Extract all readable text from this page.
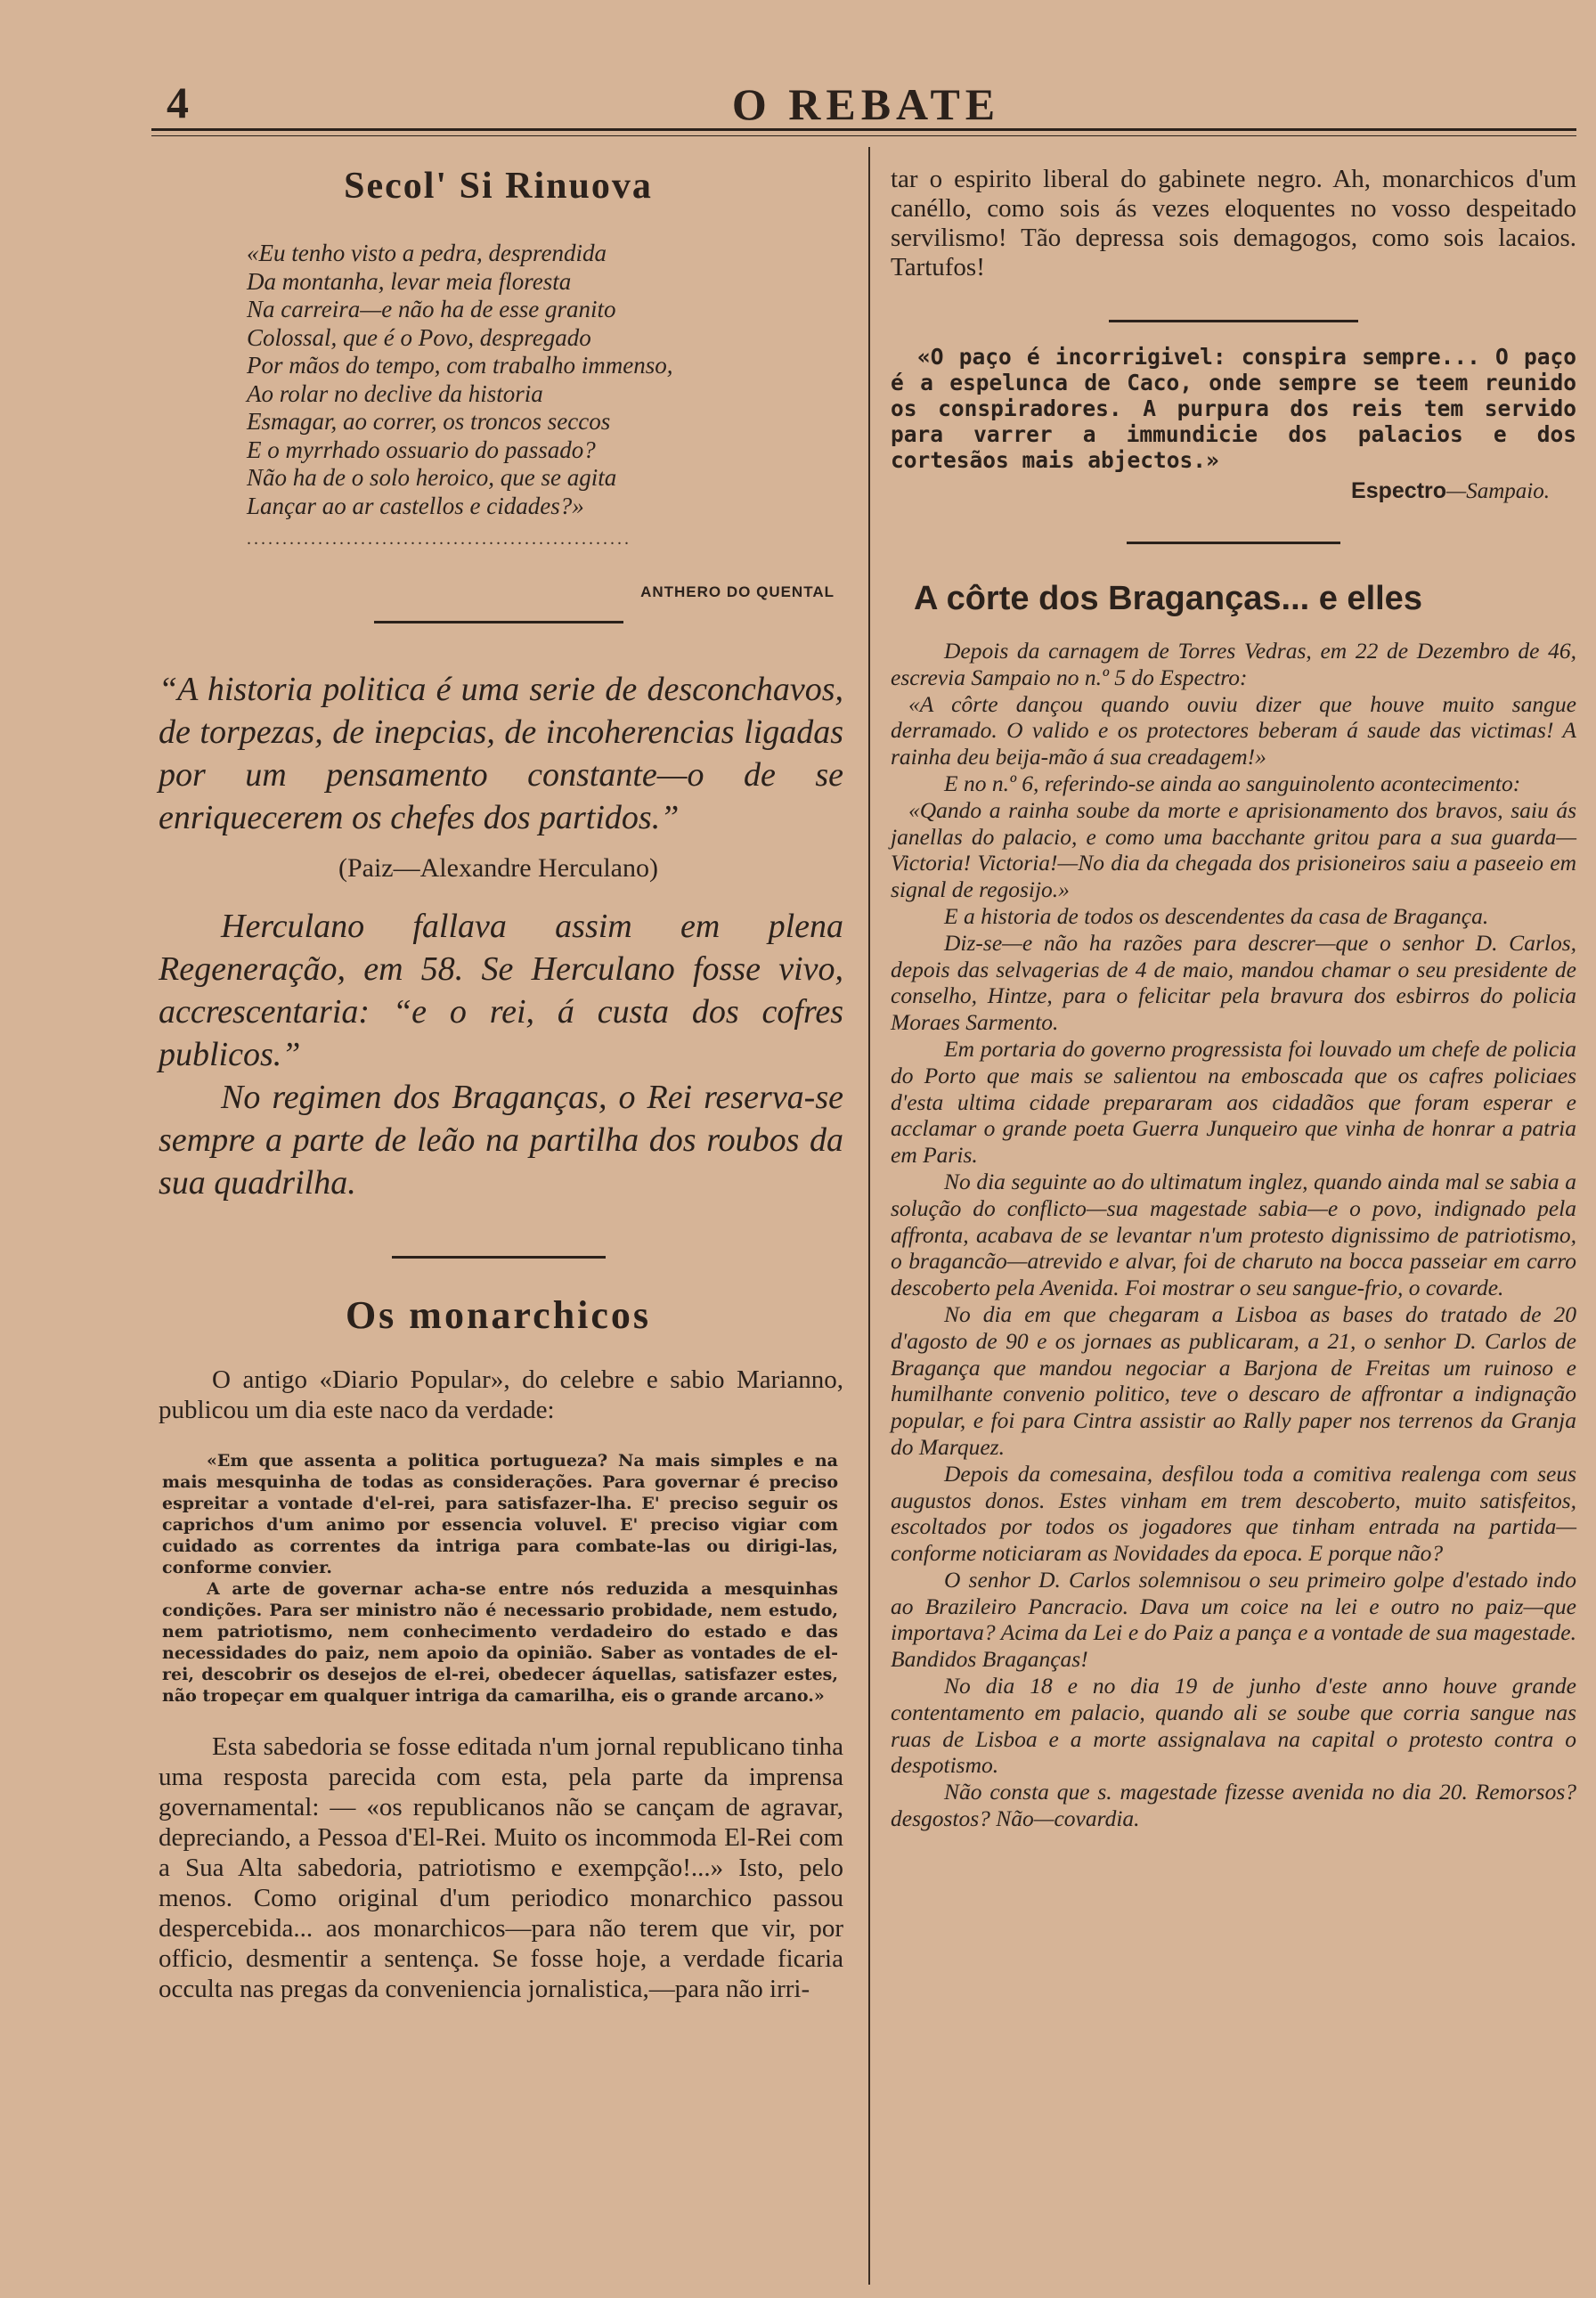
4	O REBATE
Secol' Si Rinuova
«Eu tenho visto a pedra, desprendida
Da montanha, levar meia floresta
Na carreira—e não ha de esse granito
Colossal, que é o Povo, despregado
Por mãos do tempo, com trabalho immenso,
Ao rolar no declive da historia
Esmagar, ao correr, os troncos seccos
E o myrrhado ossuario do passado?
Não ha de o solo heroico, que se agita
Lançar ao ar castellos e cidades?»
......................................................
ANTHERO DO QUENTAL
“A historia politica é uma serie de desconchavos, de torpezas, de inepcias, de incoherencias ligadas por um pensamento constante—o de se enriquecerem os chefes dos partidos.”
(Paiz—Alexandre Herculano)
Herculano fallava assim em plena Regeneração, em 58. Se Herculano fosse vivo, accrescentaria: “e o rei, á custa dos cofres publicos.”
No regimen dos Braganças, o Rei reserva-se sempre a parte de leão na partilha dos roubos da sua quadrilha.
Os monarchicos
O antigo «Diario Popular», do celebre e sabio Marianno, publicou um dia este naco da verdade:

«Em que assenta a politica portugueza? Na mais simples e na mais mesquinha de todas as considerações. Para governar é preciso espreitar a vontade d'el-rei, para satisfazer-lha. E' preciso seguir os caprichos d'um animo por essencia voluvel. E' preciso vigiar com cuidado as correntes da intriga para combate-las ou dirigi-las, conforme convier.

A arte de governar acha-se entre nós reduzida a mesquinhas condições. Para ser ministro não é necessario probidade, nem estudo, nem patriotismo, nem conhecimento verdadeiro do estado e das necessidades do paiz, nem apoio da opinião. Saber as vontades de el-rei, descobrir os desejos de el-rei, obedecer áquellas, satisfazer estes, não tropeçar em qualquer intriga da camarilha, eis o grande arcano.»

Esta sabedoria se fosse editada n'um jornal republicano tinha uma resposta parecida com esta, pela parte da imprensa governamental: — «os republicanos não se cançam de agravar, depreciando, a Pessoa d'El-Rei. Muito os incommoda El-Rei com a Sua Alta sabedoria, patriotismo e exempção!...» Isto, pelo menos. Como original d'um periodico monarchico passou despercebida... aos monarchicos—para não terem que vir, por officio, desmentir a sentença. Se fosse hoje, a verdade ficaria occulta nas pregas da conveniencia jornalistica,—para não irri-

tar o espirito liberal do gabinete negro. Ah, monarchicos d'um canéllo, como sois ás vezes eloquentes no vosso despeitado servilismo! Tão depressa sois demagogos, como sois lacaios. Tartufos!

«O paço é incorrigivel: conspira sempre... O paço é a espelunca de Caco, onde sempre se teem reunido os conspiradores. A purpura dos reis tem servido para varrer a immundicie dos palacios e dos cortesãos mais abjectos.»
Espectro—Sampaio.
A côrte dos Braganças... e elles

Depois da carnagem de Torres Vedras, em 22 de Dezembro de 46, escrevia Sampaio no n.º 5 do Espectro:

«A côrte dançou quando ouviu dizer que houve muito sangue derramado. O valido e os protectores beberam á saude das victimas! A rainha deu beija-mão á sua creadagem!»

E no n.º 6, referindo-se ainda ao sanguinolento acontecimento:

«Qando a rainha soube da morte e aprisionamento dos bravos, saiu ás janellas do palacio, e como uma bacchante gritou para a sua guarda—Victoria! Victoria!—No dia da chegada dos prisioneiros saiu a paseeio em signal de regosijo.»

E a historia de todos os descendentes da casa de Bragança.

Diz-se—e não ha razões para descrer—que o senhor D. Carlos, depois das selvagerias de 4 de maio, mandou chamar o seu presidente de conselho, Hintze, para o felicitar pela bravura dos esbirros do policia Moraes Sarmento.

Em portaria do governo progressista foi louvado um chefe de policia do Porto que mais se salientou na emboscada que os cafres policiaes d'esta ultima cidade prepararam aos cidadãos que foram esperar e acclamar o grande poeta Guerra Junqueiro que vinha de honrar a patria em Paris.

No dia seguinte ao do ultimatum inglez, quando ainda mal se sabia a solução do conflicto—sua magestade sabia—e o povo, indignado pela affronta, acabava de se levantar n'um protesto dignissimo de patriotismo, o bragancão—atrevido e alvar, foi de charuto na bocca passeiar em carro descoberto pela Avenida. Foi mostrar o seu sangue-frio, o covarde.

No dia em que chegaram a Lisboa as bases do tratado de 20 d'agosto de 90 e os jornaes as publicaram, a 21, o senhor D. Carlos de Bragança que mandou negociar a Barjona de Freitas um ruinoso e humilhante convenio politico, teve o descaro de affrontar a indignação popular, e foi para Cintra assistir ao Rally paper nos terrenos da Granja do Marquez.

Depois da comesaina, desfilou toda a comitiva realenga com seus augustos donos. Estes vinham em trem descoberto, muito satisfeitos, escoltados por todos os jogadores que tinham entrada na partida—conforme noticiaram as Novidades da epoca. E porque não?

O senhor D. Carlos solemnisou o seu primeiro golpe d'estado indo ao Brazileiro Pancracio. Dava um coice na lei e outro no paiz—que importava? Acima da Lei e do Paiz a pança e a vontade de sua magestade. Bandidos Braganças!

No dia 18 e no dia 19 de junho d'este anno houve grande contentamento em palacio, quando ali se soube que corria sangue nas ruas de Lisboa e a morte assignalava na capital o protesto contra o despotismo.

Não consta que s. magestade fizesse avenida no dia 20. Remorsos? desgostos? Não—covardia.
